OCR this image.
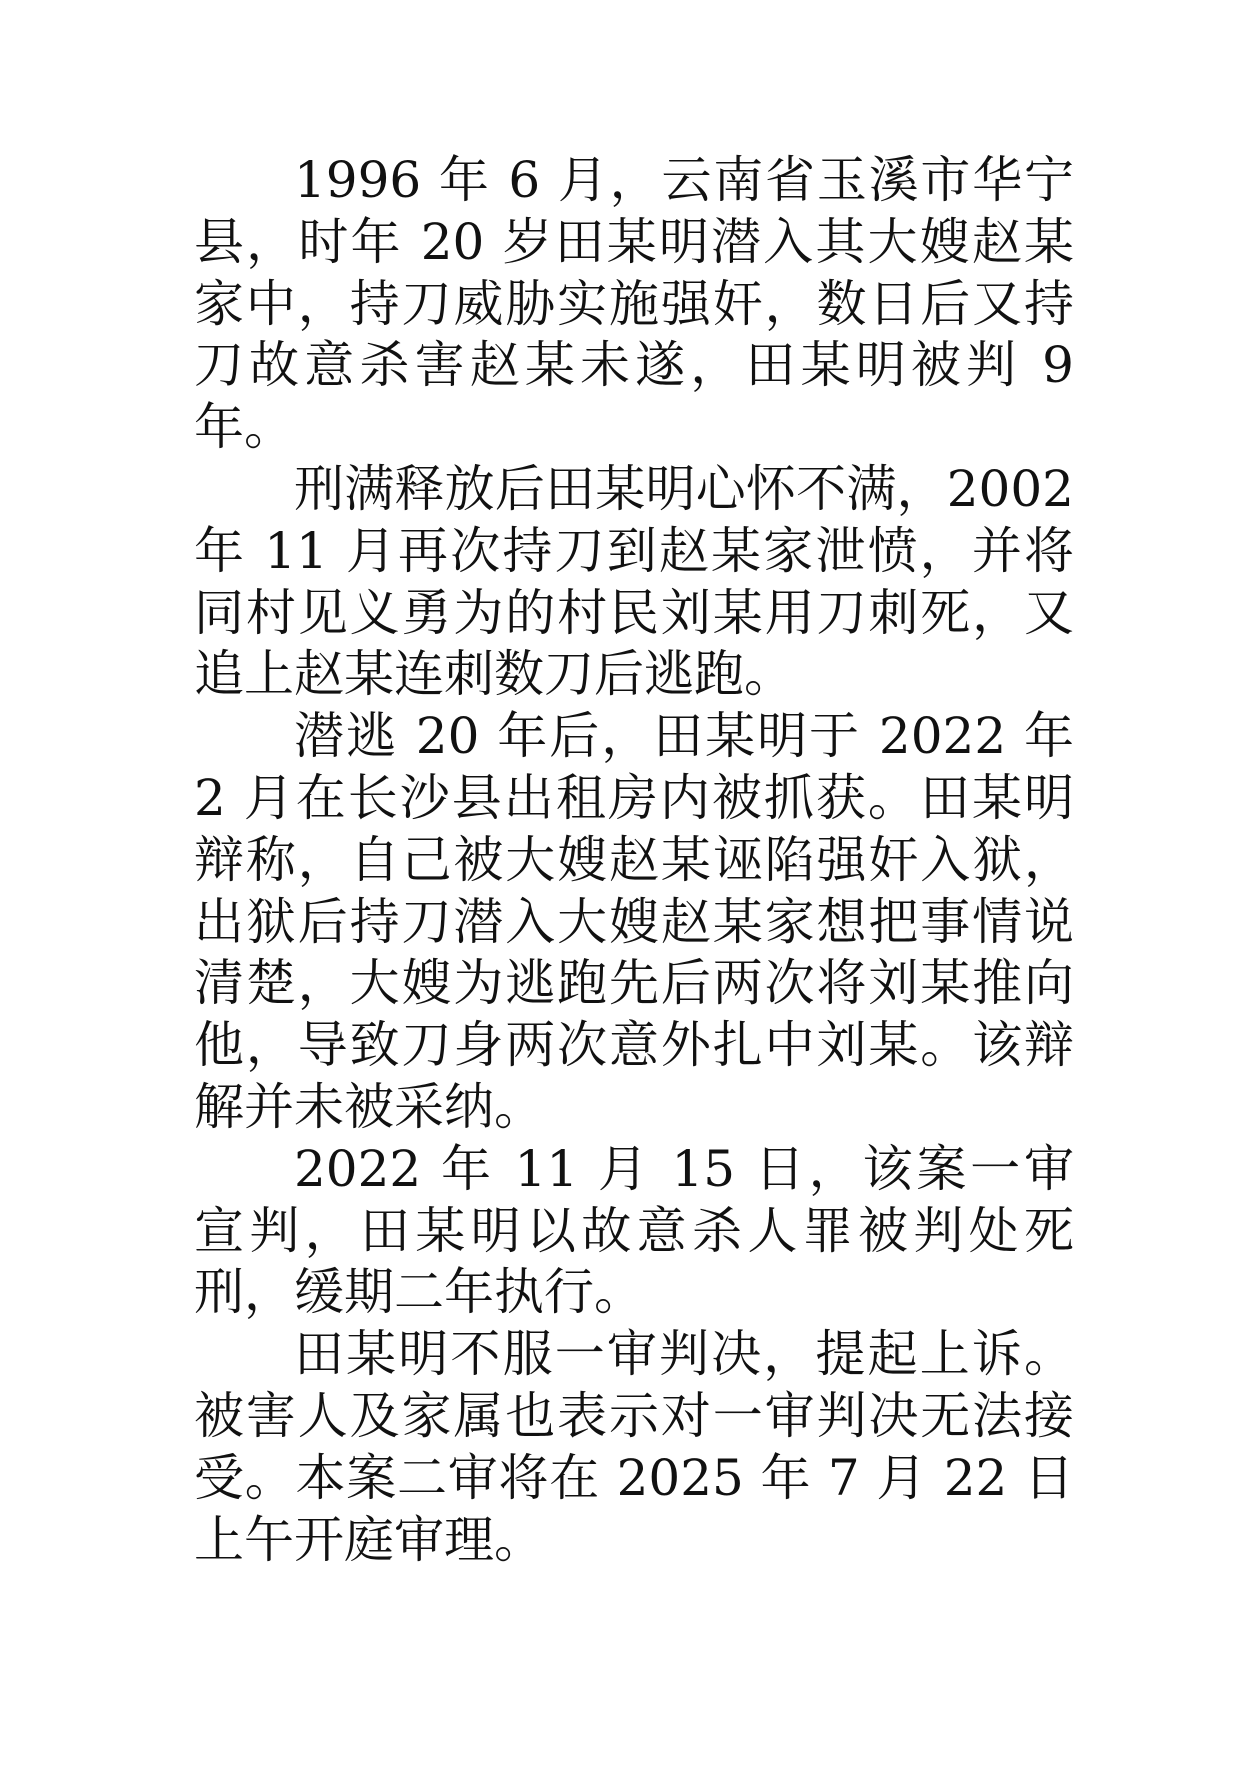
1996 年 6 月，云南省玉溪市华宁县，时年 20 岁田某明潜入其大嫂赵某家中，持刀威胁实施强奸，数日后又持刀故意杀害赵某未遂，田某明被判 9 年。

刑满释放后田某明心怀不满，2002 年 11 月再次持刀到赵某家泄愤，并将同村见义勇为的村民刘某用刀刺死，又追上赵某连刺数刀后逃跑。

潜逃 20 年后，田某明于 2022 年 2 月在长沙县出租房内被抓获。田某明辩称，自己被大嫂赵某诬陷强奸入狱，出狱后持刀潜入大嫂赵某家想把事情说清楚，大嫂为逃跑先后两次将刘某推向他，导致刀身两次意外扎中刘某。该辩解并未被采纳。

2022 年 11 月 15 日，该案一审宣判，田某明以故意杀人罪被判处死刑，缓期二年执行。

田某明不服一审判决，提起上诉。被害人及家属也表示对一审判决无法接受。本案二审将在 2025 年 7 月 22 日上午开庭审理。
